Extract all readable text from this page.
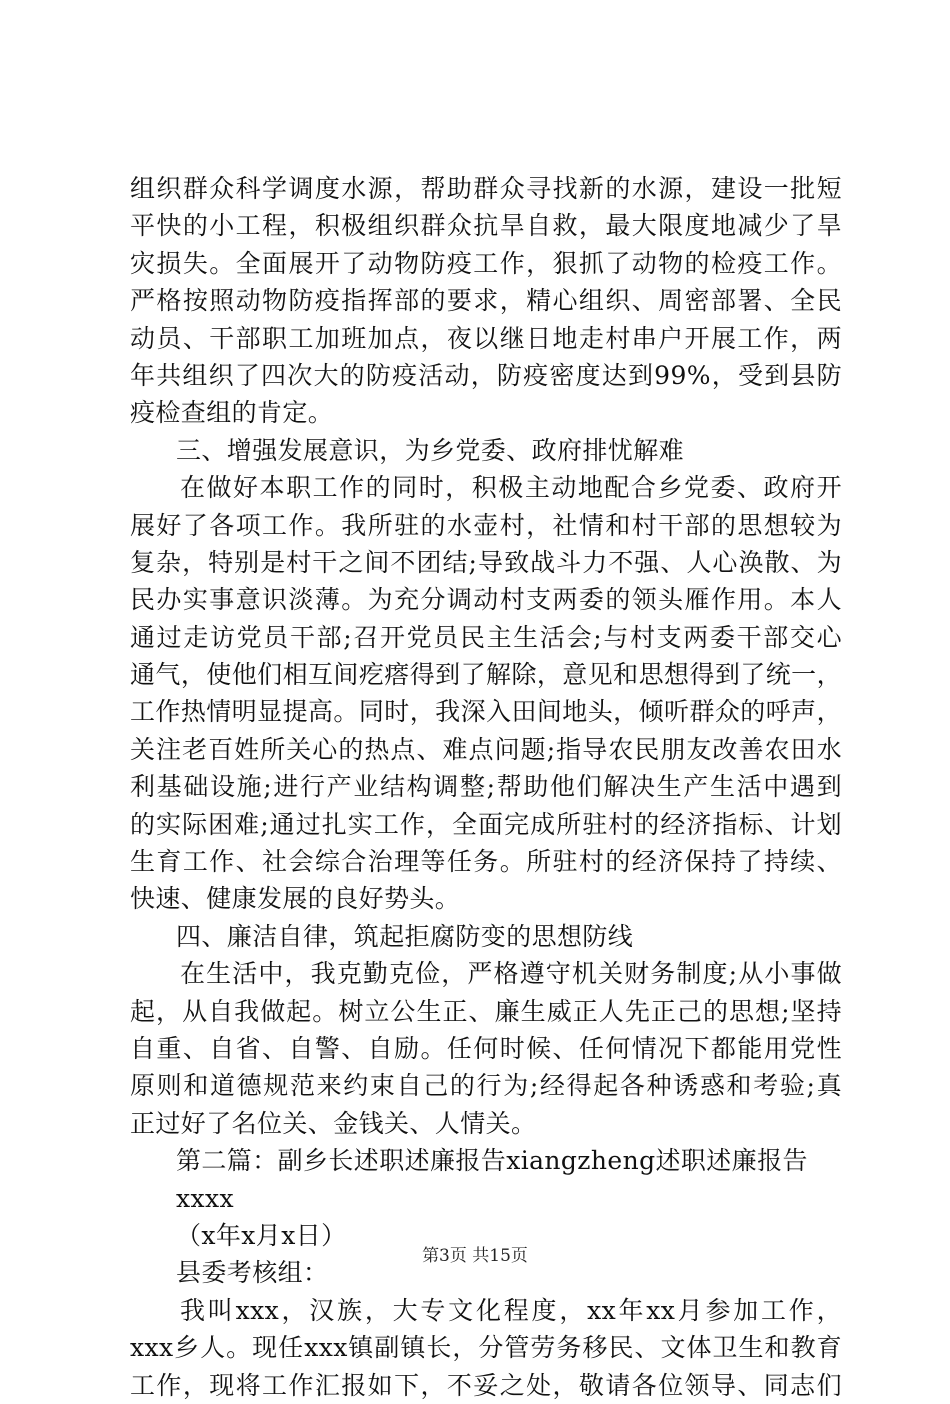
组织群众科学调度水源，帮助群众寻找新的水源，建设一批短
平快的小工程，积极组织群众抗旱自救，最大限度地减少了旱
灾损失。全面展开了动物防疫工作，狠抓了动物的检疫工作。
严格按照动物防疫指挥部的要求，精心组织、周密部署、全民
动员、干部职工加班加点，夜以继日地走村串户开展工作，两
年共组织了四次大的防疫活动，防疫密度达到99%，受到县防
疫检查组的肯定。
三、增强发展意识，为乡党委、政府排忧解难
在做好本职工作的同时，积极主动地配合乡党委、政府开
展好了各项工作。我所驻的水壶村，社情和村干部的思想较为
复杂，特别是村干之间不团结;导致战斗力不强、人心涣散、为
民办实事意识淡薄。为充分调动村支两委的领头雁作用。本人
通过走访党员干部;召开党员民主生活会;与村支两委干部交心
通气，使他们相互间疙瘩得到了解除，意见和思想得到了统一，
工作热情明显提高。同时，我深入田间地头，倾听群众的呼声，
关注老百姓所关心的热点、难点问题;指导农民朋友改善农田水
利基础设施;进行产业结构调整;帮助他们解决生产生活中遇到
的实际困难;通过扎实工作，全面完成所驻村的经济指标、计划
生育工作、社会综合治理等任务。所驻村的经济保持了持续、
快速、健康发展的良好势头。
四、廉洁自律，筑起拒腐防变的思想防线
在生活中，我克勤克俭，严格遵守机关财务制度;从小事做
起，从自我做起。树立公生正、廉生威正人先正己的思想;坚持
自重、自省、自警、自励。任何时候、任何情况下都能用党性
原则和道德规范来约束自己的行为;经得起各种诱惑和考验;真
正过好了名位关、金钱关、人情关。
第二篇：副乡长述职述廉报告xiangzheng述职述廉报告
xxxx
（x年x月x日）
县委考核组：
我叫xxx，汉族，大专文化程度，xx年xx月参加工作，
xxx乡人。现任xxx镇副镇长，分管劳务移民、文体卫生和教育
工作，现将工作汇报如下，不妥之处，敬请各位领导、同志们
第3页 共15页
